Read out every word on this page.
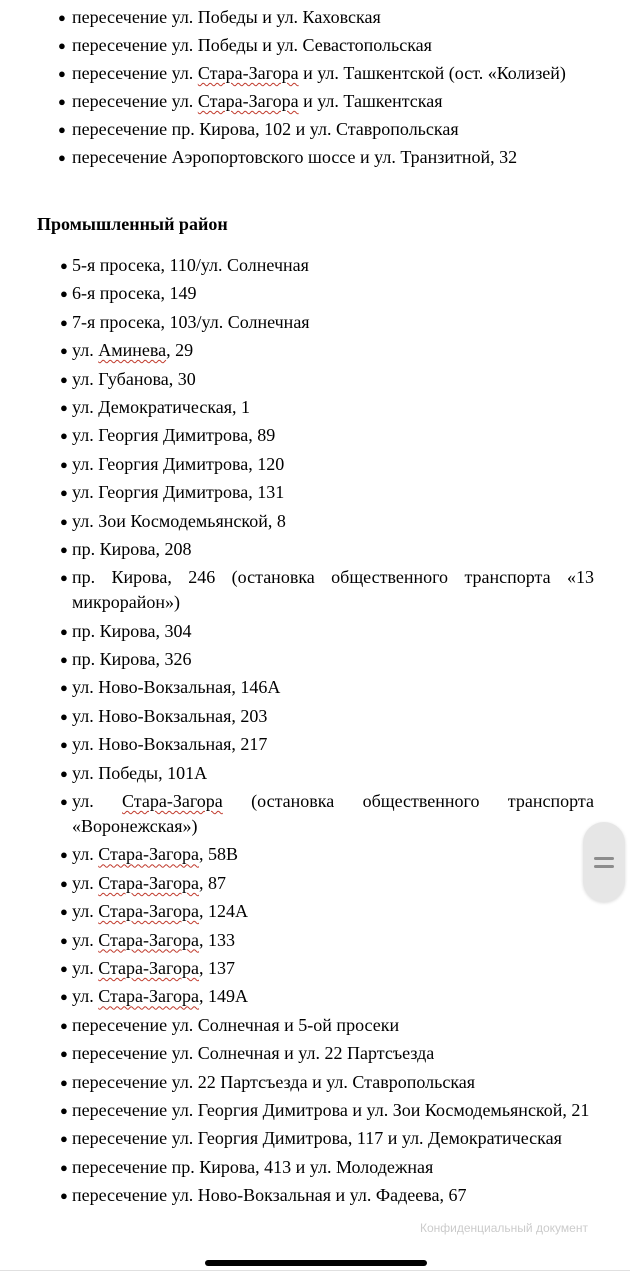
● пересечение ул. Победы и ул. Каховская
● пересечение ул. Победы и ул. Севастопольская
● пересечение ул. Стара-Загора и ул. Ташкентской (ост. «Колизей)
● пересечение ул. Стара-Загора и ул. Ташкентская
● пересечение пр. Кирова, 102 и ул. Ставропольская
● пересечение Аэропортовского шоссе и ул. Транзитной, 32
Промышленный район
● 5-я просека, 110/ул. Солнечная
● 6-я просека, 149
● 7-я просека, 103/ул. Солнечная
● ул. Аминева, 29
● ул. Губанова, 30
● ул. Демократическая, 1
● ул. Георгия Димитрова, 89
● ул. Георгия Димитрова, 120
● ул. Георгия Димитрова, 131
● ул. Зои Космодемьянской, 8
● пр. Кирова, 208
● пр. Кирова, 246 (остановка общественного транспорта «13 микрорайон»)
● пр. Кирова, 304
● пр. Кирова, 326
● ул. Ново-Вокзальная, 146А
● ул. Ново-Вокзальная, 203
● ул. Ново-Вокзальная, 217
● ул. Победы, 101А
● ул. Стара-Загора (остановка общественного транспорта «Воронежская»)
● ул. Стара-Загора, 58В
● ул. Стара-Загора, 87
● ул. Стара-Загора, 124А
● ул. Стара-Загора, 133
● ул. Стара-Загора, 137
● ул. Стара-Загора, 149А
● пересечение ул. Солнечная и 5-ой просеки
● пересечение ул. Солнечная и ул. 22 Партсъезда
● пересечение ул. 22 Партсъезда и ул. Ставропольская
● пересечение ул. Георгия Димитрова и ул. Зои Космодемьянской, 21
● пересечение ул. Георгия Димитрова, 117 и ул. Демократическая
● пересечение пр. Кирова, 413 и ул. Молодежная
● пересечение ул. Ново-Вокзальная и ул. Фадеева, 67
Конфиденциальный документ
